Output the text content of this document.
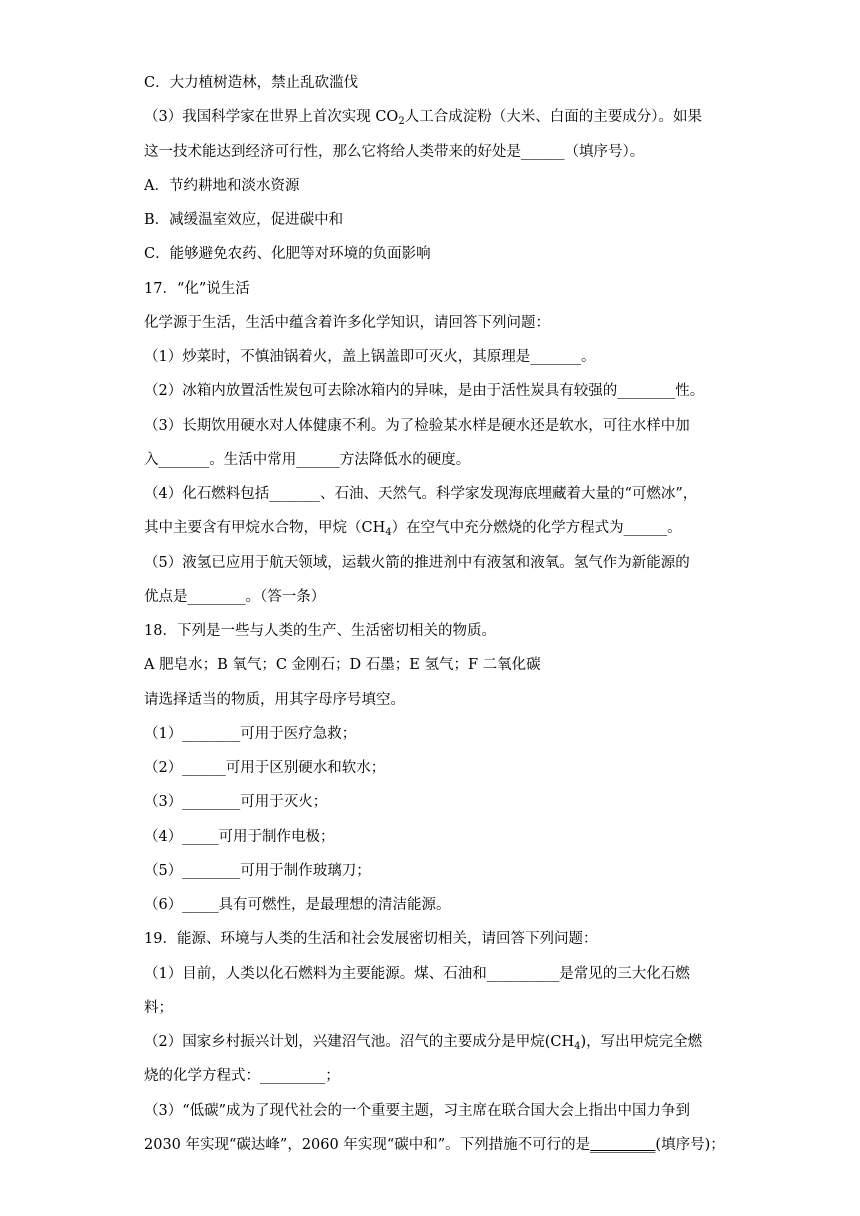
C．大力植树造林，禁止乱砍滥伐
（3）我国科学家在世界上首次实现 $CO_2$人工合成淀粉（大米、白面的主要成分）。如果
这一技术能达到经济可行性，那么它将给人类带来的好处是______（填序号）。
A．节约耕地和淡水资源
B．减缓温室效应，促进碳中和
C．能够避免农药、化肥等对环境的负面影响
17．“化”说生活
化学源于生活，生活中蕴含着许多化学知识，请回答下列问题：
（1）炒菜时，不慎油锅着火，盖上锅盖即可灭火，其原理是_______。
（2）冰箱内放置活性炭包可去除冰箱内的异味，是由于活性炭具有较强的________性。
（3）长期饮用硬水对人体健康不利。为了检验某水样是硬水还是软水，可往水样中加
入_______。生活中常用______方法降低水的硬度。
（4）化石燃料包括_______、石油、天然气。科学家发现海底埋藏着大量的“可燃冰”，
其中主要含有甲烷水合物，甲烷$(CH_4)$在空气中充分燃烧的化学方程式为______。
（5）液氢已应用于航天领域，运载火箭的推进剂中有液氢和液氧。氢气作为新能源的
优点是________。（答一条）
18．下列是一些与人类的生产、生活密切相关的物质。
A 肥皂水；B 氧气；C 金刚石；D 石墨；E 氢气；F 二氧化碳
请选择适当的物质，用其字母序号填空。
（1）________可用于医疗急救；
（2）______可用于区别硬水和软水；
（3）________可用于灭火；
（4）_____可用于制作电极；
（5）________可用于制作玻璃刀；
（6）_____具有可燃性，是最理想的清洁能源。
19．能源、环境与人类的生活和社会发展密切相关，请回答下列问题：
（1）目前，人类以化石燃料为主要能源。煤、石油和__________是常见的三大化石燃
料；
（2）国家乡村振兴计划，兴建沼气池。沼气的主要成分是甲烷$(CH_4)$，写出甲烷完全燃
烧的化学方程式：_________；
（3）“低碳”成为了现代社会的一个重要主题，习主席在联合国大会上指出中国力争到
2030 年实现“碳达峰”，2060 年实现“碳中和”。下列措施不可行的是_________(填序号)；
